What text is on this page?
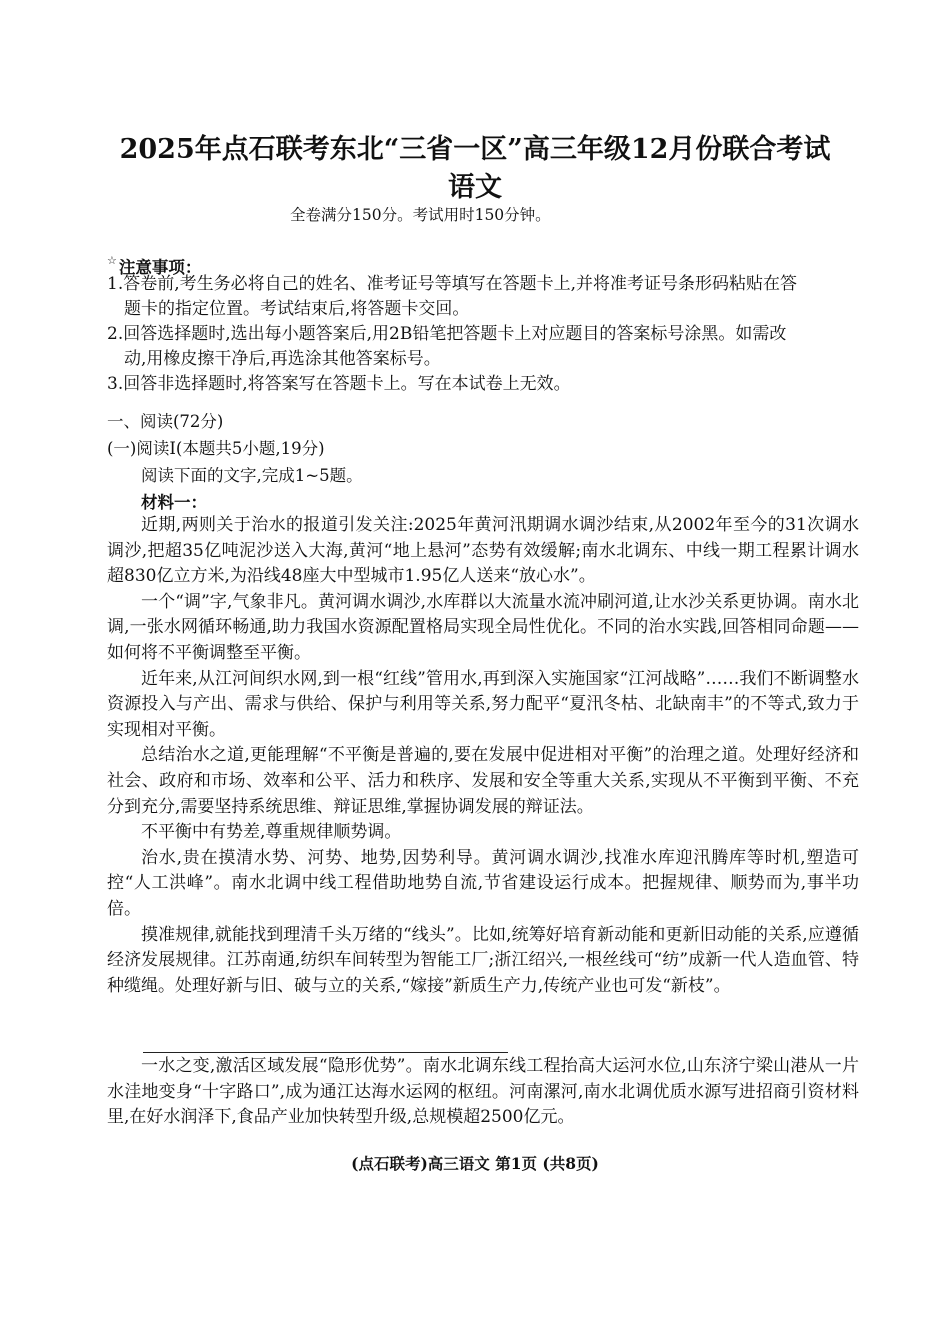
2025年点石联考东北“三省一区”高三年级12月份联合考试
语文
全卷满分150分。考试用时150分钟。
☆ 注意事项：
1.答卷前,考生务必将自己的姓名、准考证号等填写在答题卡上,并将准考证号条形码粘贴在答
题卡的指定位置。考试结束后,将答题卡交回。
2.回答选择题时,选出每小题答案后,用2B铅笔把答题卡上对应题目的答案标号涂黑。如需改
动,用橡皮擦干净后,再选涂其他答案标号。
3.回答非选择题时,将答案写在答题卡上。写在本试卷上无效。
一、阅读(72分)
(一)阅读Ⅰ(本题共5小题,19分)
阅读下面的文字,完成1~5题。
材料一：

近期,两则关于治水的报道引发关注:2025年黄河汛期调水调沙结束,从2002年至今的31次调水调沙,把超35亿吨泥沙送入大海,黄河“地上悬河”态势有效缓解;南水北调东、中线一期工程累计调水超830亿立方米,为沿线48座大中型城市1.95亿人送来“放心水”。

一个“调”字,气象非凡。黄河调水调沙,水库群以大流量水流冲刷河道,让水沙关系更协调。南水北调,一张水网循环畅通,助力我国水资源配置格局实现全局性优化。不同的治水实践,回答相同命题——如何将不平衡调整至平衡。

近年来,从江河间织水网,到一根“红线”管用水,再到深入实施国家“江河战略”……我们不断调整水资源投入与产出、需求与供给、保护与利用等关系,努力配平“夏汛冬枯、北缺南丰”的不等式,致力于实现相对平衡。

总结治水之道,更能理解“不平衡是普遍的,要在发展中促进相对平衡”的治理之道。处理好经济和社会、政府和市场、效率和公平、活力和秩序、发展和安全等重大关系,实现从不平衡到平衡、不充分到充分,需要坚持系统思维、辩证思维,掌握协调发展的辩证法。

不平衡中有势差,尊重规律顺势调。

治水,贵在摸清水势、河势、地势,因势利导。黄河调水调沙,找准水库迎汛腾库等时机,塑造可控“人工洪峰”。南水北调中线工程借助地势自流,节省建设运行成本。把握规律、顺势而为,事半功倍。

摸准规律,就能找到理清千头万绪的“线头”。比如,统筹好培育新动能和更新旧动能的关系,应遵循经济发展规律。江苏南通,纺织车间转型为智能工厂;浙江绍兴,一根丝线可“纺”成新一代人造血管、特种缆绳。处理好新与旧、破与立的关系,“嫁接”新质生产力,传统产业也可发“新枝”。

一水之变,激活区域发展“隐形优势”。南水北调东线工程抬高大运河水位,山东济宁梁山港从一片水洼地变身“十字路口”,成为通江达海水运网的枢纽。河南漯河,南水北调优质水源写进招商引资材料里,在好水润泽下,食品产业加快转型升级,总规模超2500亿元。

(点石联考)高三语文 第1页 (共8页)
